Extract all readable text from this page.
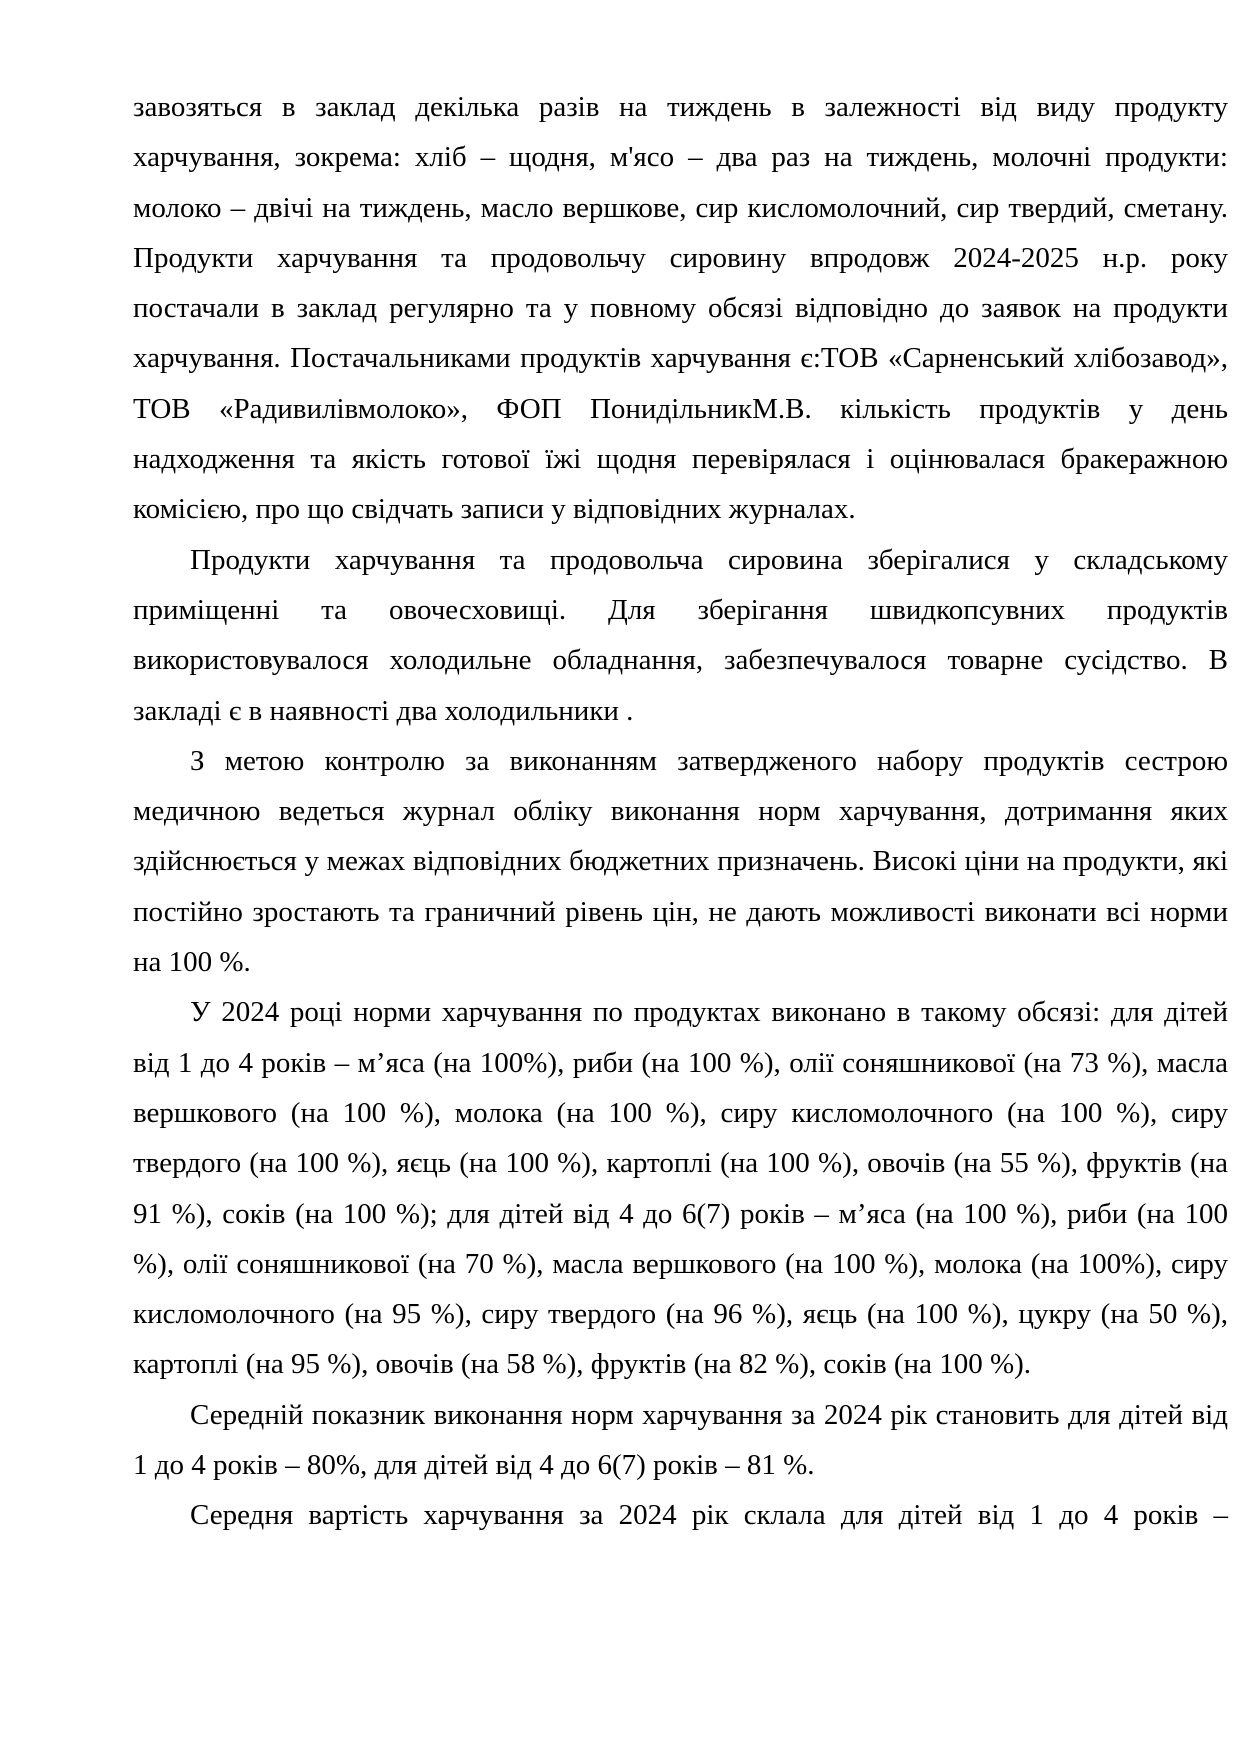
завозяться в заклад декілька разів на тиждень в залежності від виду продукту харчування, зокрема: хліб – щодня, м'ясо – два раз на тиждень, молочні продукти: молоко – двічі на тиждень, масло вершкове, сир кисломолочний, сир твердий, сметану. Продукти харчування та продовольчу сировину впродовж 2024-2025 н.р. року постачали в заклад регулярно та у повному обсязі відповідно до заявок на продукти харчування. Постачальниками продуктів харчування є:ТОВ «Сарненський хлібозавод», ТОВ «Радивилівмолоко», ФОП ПонидільникМ.В. кількість продуктів у день надходження та якість готової їжі щодня перевірялася і оцінювалася бракеражною комісією, про що свідчать записи у відповідних журналах.

Продукти харчування та продовольча сировина зберігалися у складському приміщенні та овочесховищі. Для зберігання швидкопсувних продуктів використовувалося холодильне обладнання, забезпечувалося товарне сусідство. В закладі є в наявності два холодильники .

З метою контролю за виконанням затвердженого набору продуктів сестрою медичною ведеться журнал обліку виконання норм харчування, дотримання яких здійснюється у межах відповідних бюджетних призначень. Високі ціни на продукти, які постійно зростають та граничний рівень цін, не дають можливості виконати всі норми на 100 %.

У 2024 році норми харчування по продуктах виконано в такому обсязі: для дітей від 1 до 4 років – м’яса (на 100%), риби (на 100 %), олії соняшникової (на 73 %), масла вершкового (на 100 %), молока (на 100 %), сиру кисломолочного (на 100 %), сиру твердого (на 100 %), яєць (на 100 %), картоплі (на 100 %), овочів (на 55 %), фруктів (на 91 %), соків (на 100 %); для дітей від 4 до 6(7) років – м’яса (на 100 %), риби (на 100 %), олії соняшникової (на 70 %), масла вершкового (на 100 %), молока (на 100%), сиру кисломолочного (на 95 %), сиру твердого (на 96 %), яєць (на 100 %), цукру (на 50 %), картоплі (на 95 %), овочів (на 58 %), фруктів (на 82 %), соків (на 100 %).

Середній показник виконання норм харчування за 2024 рік становить для дітей від 1 до 4 років – 80%, для дітей від 4 до 6(7) років – 81 %.

Середня вартість харчування за 2024 рік склала для дітей від 1 до 4 років –
